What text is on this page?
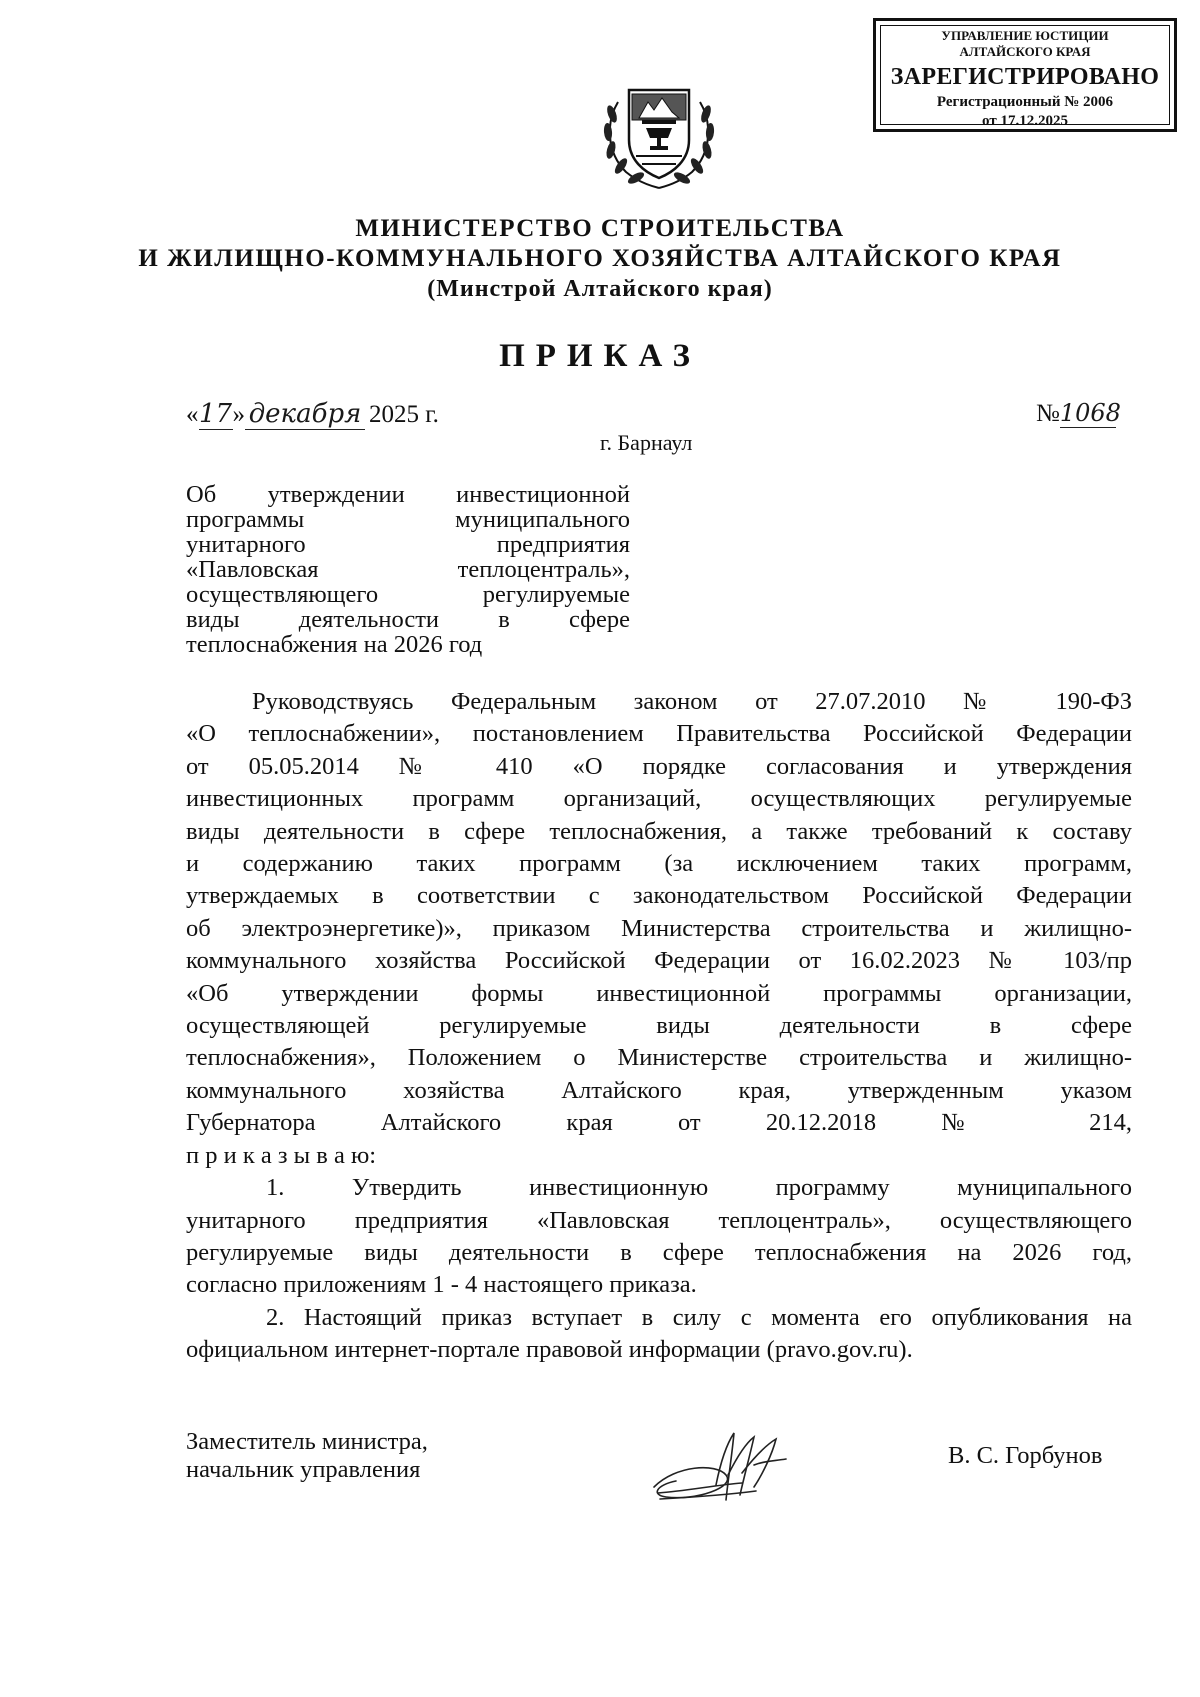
УПРАВЛЕНИЕ ЮСТИЦИИ
АЛТАЙСКОГО КРАЯ
ЗАРЕГИСТРИРОВАНО
Регистрационный № 2006
от 17.12.2025
МИНИСТЕРСТВО СТРОИТЕЛЬСТВА
И ЖИЛИЩНО-КОММУНАЛЬНОГО ХОЗЯЙСТВА АЛТАЙСКОГО КРАЯ
(Минстрой Алтайского края)
ПРИКАЗ
«17» декабря 2025 г.	№1068
г. Барнаул
Об утверждении инвестиционной
программы муниципального
унитарного предприятия
«Павловская теплоцентраль»,
осуществляющего регулируемые
виды деятельности в сфере
теплоснабжения на 2026 год
Руководствуясь Федеральным законом от 27.07.2010 № 190-ФЗ
«О теплоснабжении», постановлением Правительства Российской Федерации
от 05.05.2014 № 410 «О порядке согласования и утверждения
инвестиционных программ организаций, осуществляющих регулируемые
виды деятельности в сфере теплоснабжения, а также требований к составу
и содержанию таких программ (за исключением таких программ,
утверждаемых в соответствии с законодательством Российской Федерации
об электроэнергетике)», приказом Министерства строительства и жилищно-
коммунального хозяйства Российской Федерации от 16.02.2023 № 103/пр
«Об утверждении формы инвестиционной программы организации,
осуществляющей регулируемые виды деятельности в сфере
теплоснабжения», Положением о Министерстве строительства и жилищно-
коммунального хозяйства Алтайского края, утвержденным указом
Губернатора Алтайского края от 20.12.2018 № 214,
п р и к а з ы в а ю:
1. Утвердить инвестиционную программу муниципального
унитарного предприятия «Павловская теплоцентраль», осуществляющего
регулируемые виды деятельности в сфере теплоснабжения на 2026 год,
согласно приложениям 1 - 4 настоящего приказа.
2. Настоящий приказ вступает в силу с момента его опубликования на
официальном интернет-портале правовой информации (pravo.gov.ru).
Заместитель министра,
начальник управления
В. С. Горбунов
